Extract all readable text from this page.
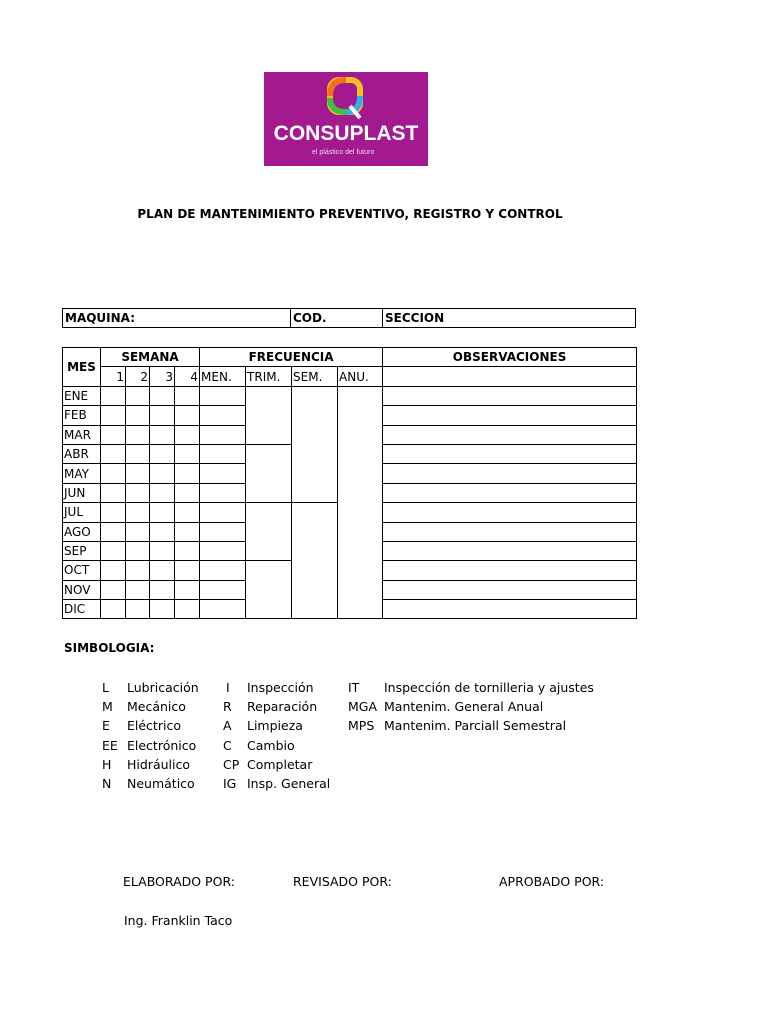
CONSUPLAST
el plástico del futuro
PLAN DE MANTENIMIENTO PREVENTIVO, REGISTRO Y CONTROL
MAQUINA:	COD.	SECCION
MES	SEMANA				FRECUENCIA				OBSERVACIONES
	1	2	3	4	MEN.	TRIM.	SEM.	ANU.	
ENE									
FEB									
MAR									
ABR									
MAY									
JUN									
JUL									
AGO									
SEP									
OCT									
NOV									
DIC									
SIMBOLOGIA:
L Lubricación
M Mecánico
E Eléctrico
EE Electrónico
H Hidráulico
N Neumático
I Inspección
R Reparación
A Limpieza
C Cambio
CP Completar
IG Insp. General
IT Inspección de tornilleria y ajustes
MGA Mantenim. General Anual
MPS Mantenim. Parciall Semestral
ELABORADO POR:	REVISADO POR:	APROBADO POR:
Ing. Franklin Taco
